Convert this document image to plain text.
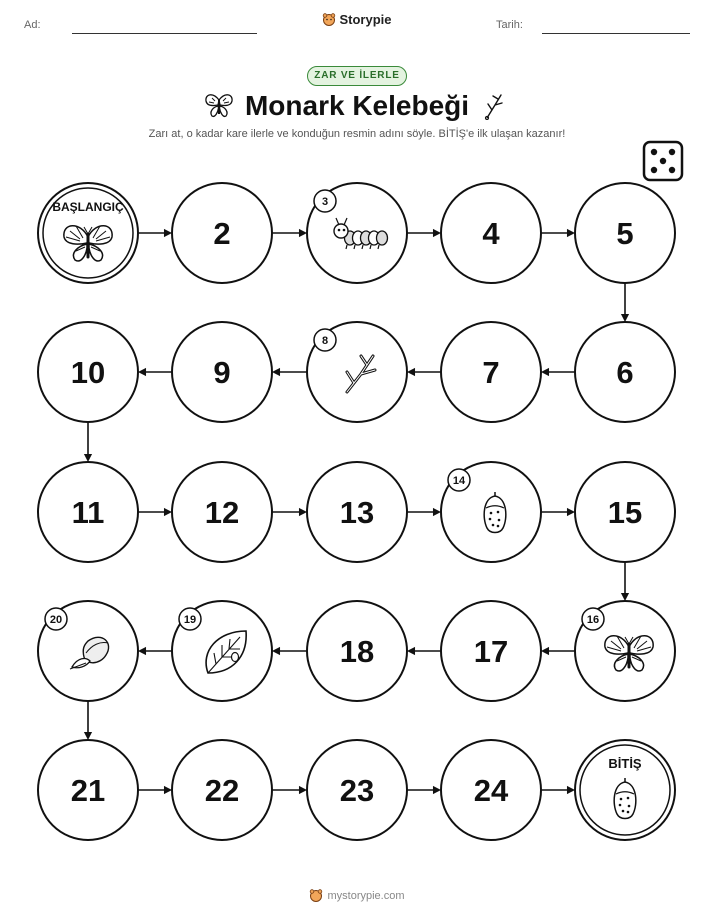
Ad:	Storypie	Tarih:
ZAR VE İLERLE
Monark Kelebeği
Zarı at, o kadar kare ilerle ve konduğun resmin adını söyle. BİTİŞ'e ilk ulaşan kazanır!
BAŞLANGIÇ
2
3
4	5
10	9
8
7	6
11	12	13
14
15
20	19
18	17
16
21	22	23	24
BİTİŞ
mystorypie.com
